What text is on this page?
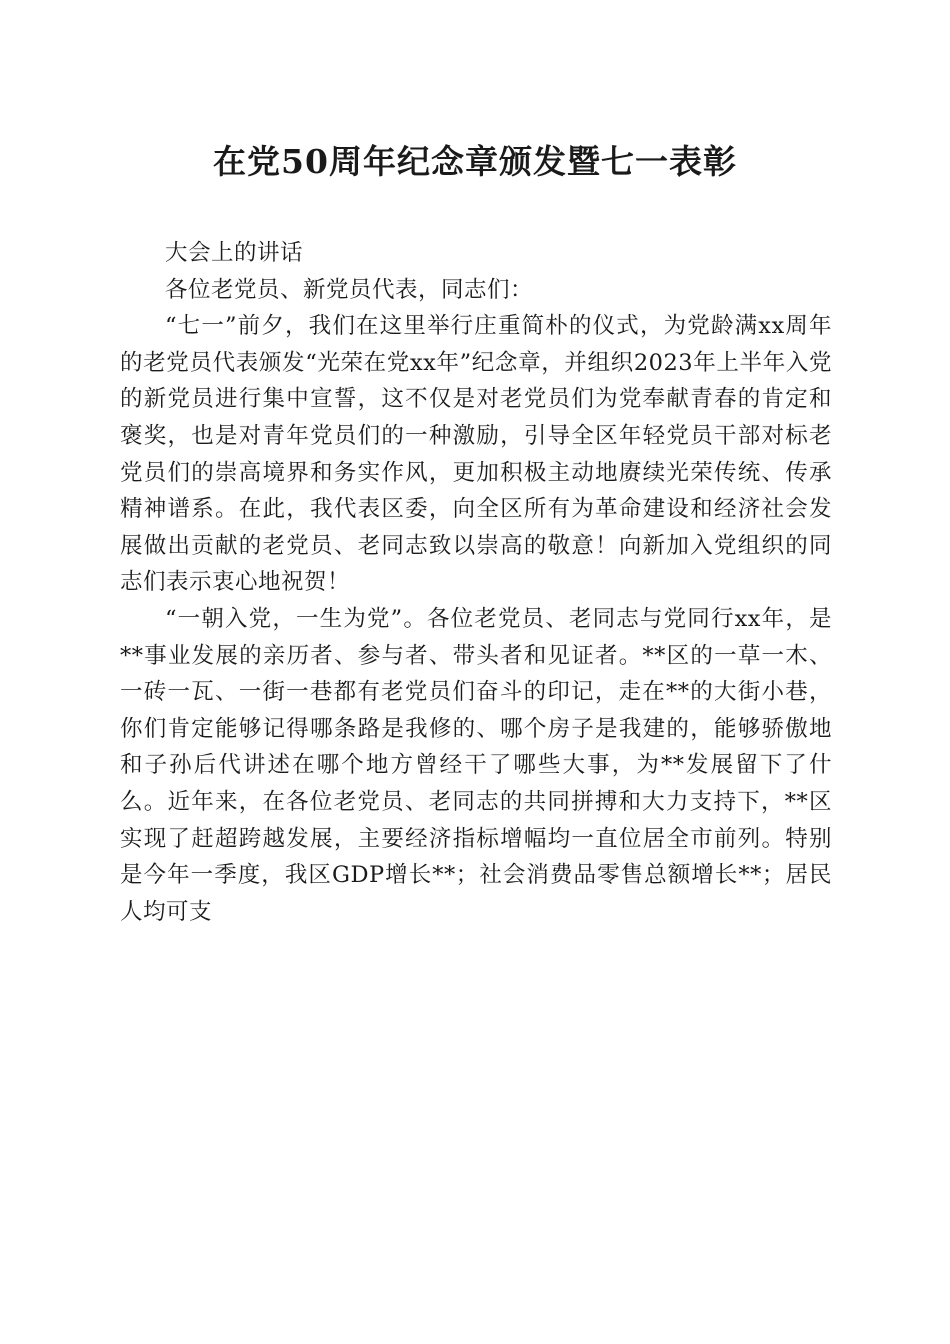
在党50周年纪念章颁发暨七一表彰

大会上的讲话

各位老党员、新党员代表，同志们：

“七一”前夕，我们在这里举行庄重简朴的仪式，为党龄满xx周年的老党员代表颁发“光荣在党xx年”纪念章，并组织2023年上半年入党的新党员进行集中宣誓，这不仅是对老党员们为党奉献青春的肯定和褒奖，也是对青年党员们的一种激励，引导全区年轻党员干部对标老党员们的崇高境界和务实作风，更加积极主动地赓续光荣传统、传承精神谱系。在此，我代表区委，向全区所有为革命建设和经济社会发展做出贡献的老党员、老同志致以崇高的敬意！向新加入党组织的同志们表示衷心地祝贺！

“一朝入党，一生为党”。各位老党员、老同志与党同行xx年，是**事业发展的亲历者、参与者、带头者和见证者。**区的一草一木、一砖一瓦、一街一巷都有老党员们奋斗的印记，走在**的大街小巷，你们肯定能够记得哪条路是我修的、哪个房子是我建的，能够骄傲地和子孙后代讲述在哪个地方曾经干了哪些大事，为**发展留下了什么。近年来，在各位老党员、老同志的共同拼搏和大力支持下，**区实现了赶超跨越发展，主要经济指标增幅均一直位居全市前列。特别是今年一季度，我区GDP增长**；社会消费品零售总额增长**；居民人均可支
